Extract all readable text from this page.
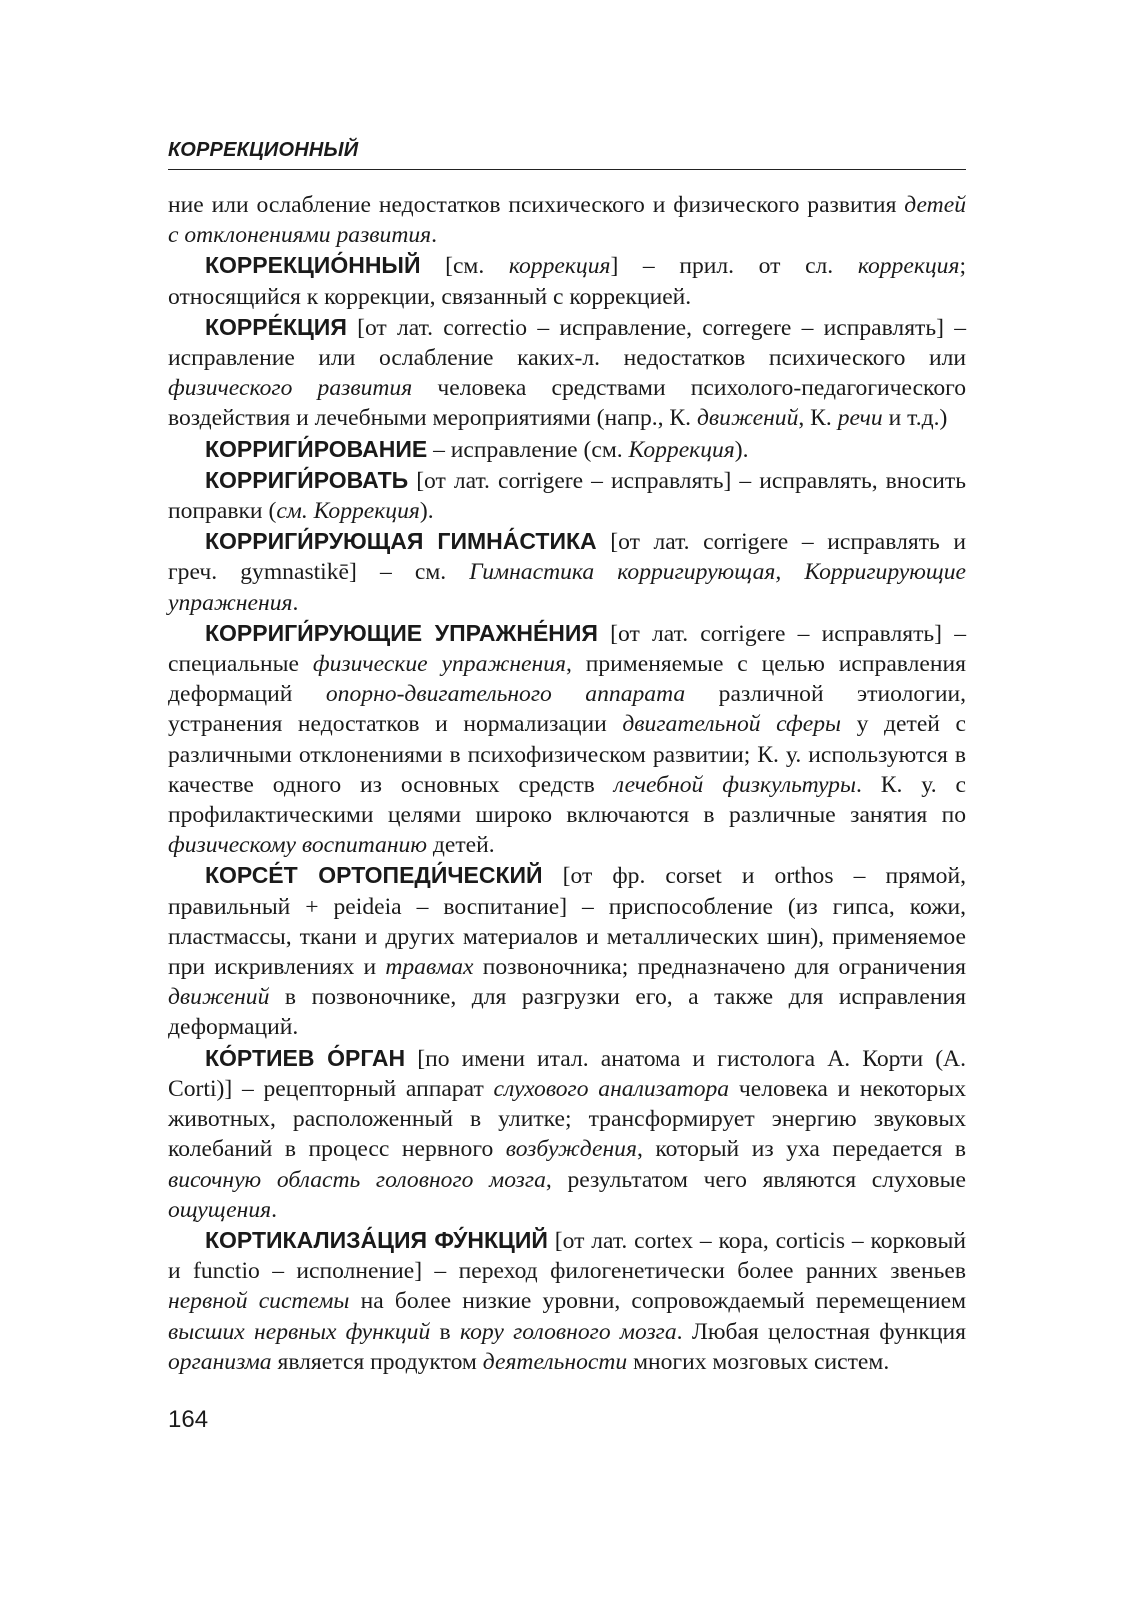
КОРРЕКЦИОННЫЙ

ние или ослабление недостатков психического и физического развития детей с отклонениями развития.

КОРРЕКЦИО́ННЫЙ [см. коррекция] – прил. от сл. коррекция; относящийся к коррекции, связанный с коррекцией.

КОРРЕ́КЦИЯ [от лат. correctio – исправление, corregere – исправлять] – исправление или ослабление каких-л. недостатков психического или физического развития человека средствами психолого-педагогического воздействия и лечебными мероприятиями (напр., К. движений, К. речи и т.д.)

КОРРИГИ́РОВАНИЕ – исправление (см. Коррекция).

КОРРИГИ́РОВАТЬ [от лат. corrigere – исправлять] – исправлять, вносить поправки (см. Коррекция).

КОРРИГИ́РУЮЩАЯ ГИМНА́СТИКА [от лат. corrigere – исправлять и греч. gymnastikē] – см. Гимнастика корригирующая, Корригирующие упражнения.

КОРРИГИ́РУЮЩИЕ УПРАЖНЕ́НИЯ [от лат. corrigere – исправлять] – специальные физические упражнения, применяемые с целью исправления деформаций опорно-двигательного аппарата различной этиологии, устранения недостатков и нормализации двигательной сферы у детей с различными отклонениями в психофизическом развитии; К. у. используются в качестве одного из основных средств лечебной физкультуры. К. у. с профилактическими целями широко включаются в различные занятия по физическому воспитанию детей.

КОРСЕ́Т ОРТОПЕДИ́ЧЕСКИЙ [от фр. corset и orthos – прямой, правильный + peideia – воспитание] – приспособление (из гипса, кожи, пластмассы, ткани и других материалов и металлических шин), применяемое при искривлениях и травмах позвоночника; предназначено для ограничения движений в позвоночнике, для разгрузки его, а также для исправления деформаций.

КО́РТИЕВ О́РГАН [по имени итал. анатома и гистолога А. Корти (A. Corti)] – рецепторный аппарат слухового анализатора человека и некоторых животных, расположенный в улитке; трансформирует энергию звуковых колебаний в процесс нервного возбуждения, который из уха передается в височную область головного мозга, результатом чего являются слуховые ощущения.

КОРТИКАЛИЗА́ЦИЯ ФУ́НКЦИЙ [от лат. cortex – кора, corticis – корковый и functio – исполнение] – переход филогенетически более ранних звеньев нервной системы на более низкие уровни, сопровождаемый перемещением высших нервных функций в кору головного мозга. Любая целостная функция организма является продуктом деятельности многих мозговых систем.

164
